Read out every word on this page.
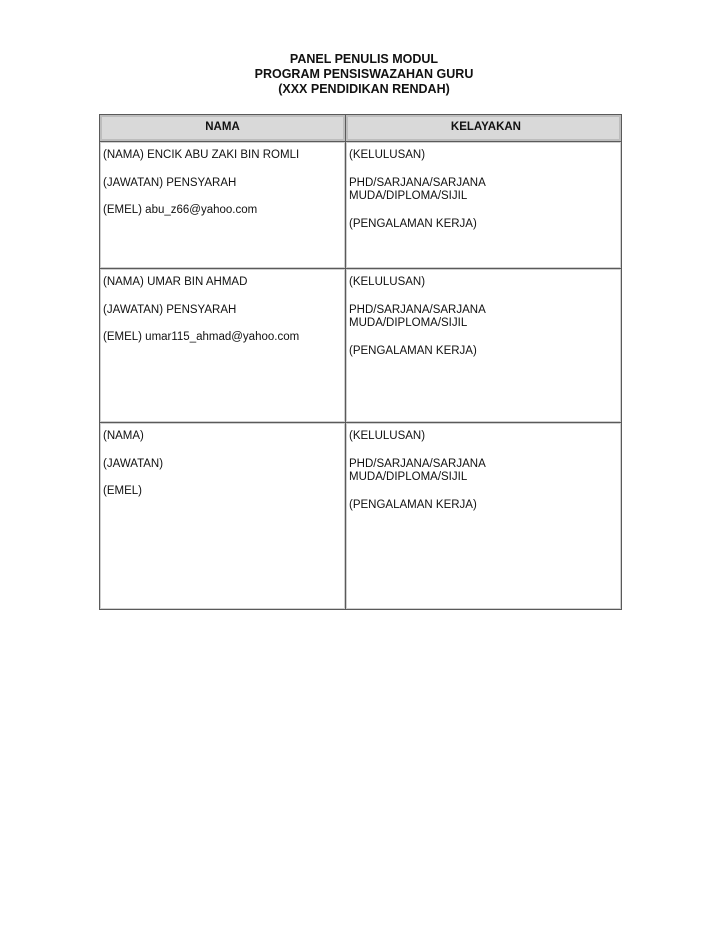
PANEL PENULIS MODUL
PROGRAM PENSISWAZAHAN GURU
(XXX PENDIDIKAN RENDAH)
NAMA	KELAYAKAN

(NAMA) ENCIK ABU ZAKI BIN ROMLI
(JAWATAN) PENSYARAH
(EMEL) abu_z66@yahoo.com	(KELULUSAN)
PHD/SARJANA/SARJANA
MUDA/DIPLOMA/SIJIL
(PENGALAMAN KERJA)

(NAMA) UMAR BIN AHMAD
(JAWATAN) PENSYARAH
(EMEL) umar115_ahmad@yahoo.com	(KELULUSAN)
PHD/SARJANA/SARJANA
MUDA/DIPLOMA/SIJIL
(PENGALAMAN KERJA)

(NAMA)
(JAWATAN)
(EMEL)	(KELULUSAN)
PHD/SARJANA/SARJANA
MUDA/DIPLOMA/SIJIL
(PENGALAMAN KERJA)
